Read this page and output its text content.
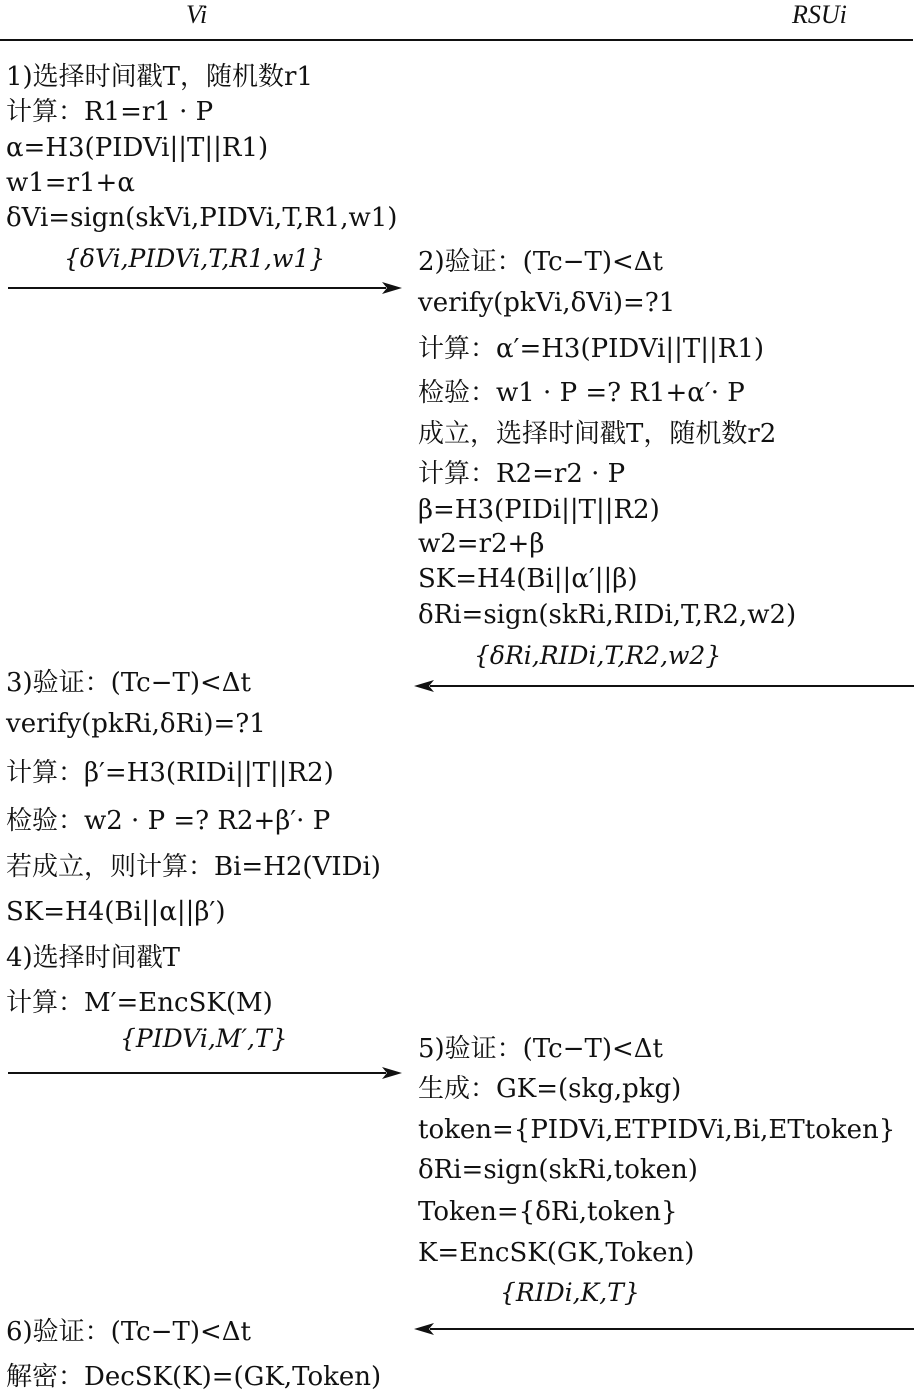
Vi	RSUi
1)选择时间戳T，随机数r1
计算：R1=r1 · P
α=H3(PIDVi||T||R1)
w1=r1+α
δVi=sign(skVi,PIDVi,T,R1,w1)
{δVi,PIDVi,T,R1,w1}	2)验证：(Tc−T)<Δt
verify(pkVi,δVi)=?1
计算：α′=H3(PIDVi||T||R1)
检验：w1 · P =? R1+α′· P
成立，选择时间戳T，随机数r2
计算：R2=r2 · P
β=H3(PIDi||T||R2)
w2=r2+β
SK=H4(Bi||α′||β)
δRi=sign(skRi,RIDi,T,R2,w2)
{δRi,RIDi,T,R2,w2}
3)验证：(Tc−T)<Δt
verify(pkRi,δRi)=?1
计算：β′=H3(RIDi||T||R2)
检验：w2 · P =? R2+β′· P
若成立，则计算：Bi=H2(VIDi)
SK=H4(Bi||α||β′)
4)选择时间戳T
计算：M′=EncSK(M)
{PIDVi,M′,T}	5)验证：(Tc−T)<Δt
生成：GK=(skg,pkg)
token={PIDVi,ETPIDVi,Bi,ETtoken}
δRi=sign(skRi,token)
Token={δRi,token}
K=EncSK(GK,Token)
{RIDi,K,T}
6)验证：(Tc−T)<Δt
解密：DecSK(K)=(GK,Token)
